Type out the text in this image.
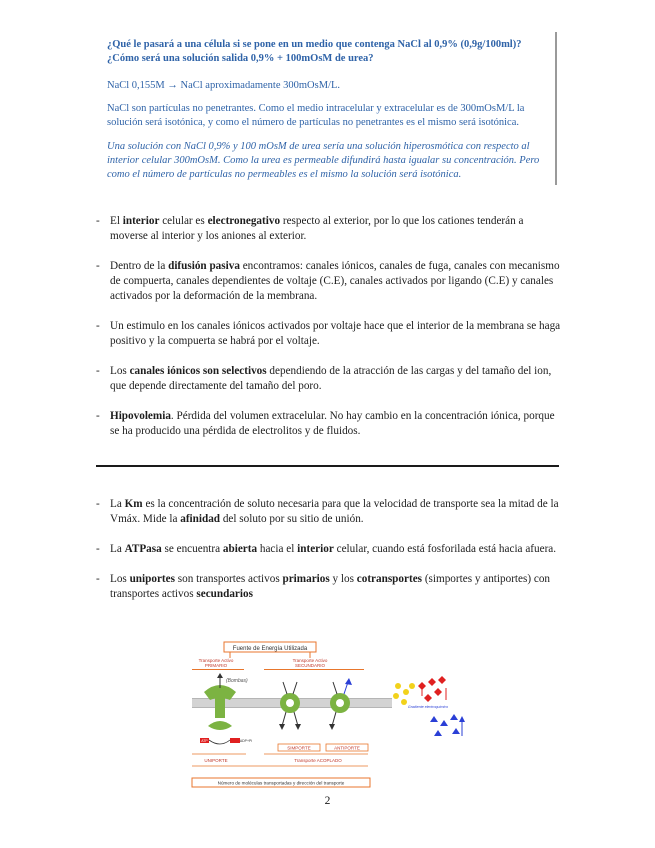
¿Qué le pasará a una célula si se pone en un medio que contenga NaCl al 0,9% (0,9g/100ml)? ¿Cómo será una solución salida 0,9% + 100mOsM de urea?

NaCl 0,155M → NaCl aproximadamente 300mOsM/L.

NaCl son partículas no penetrantes. Como el medio intracelular y extracelular es de 300mOsM/L la solución será isotónica, y como el número de partículas no penetrantes es el mismo será isotónica.

Una solución con NaCl 0,9% y 100 mOsM de urea sería una solución hiperosmótica con respecto al interior celular 300mOsM. Como la urea es permeable difundirá hasta igualar su concentración. Pero como el número de partículas no permeables es el mismo la solución será isotónica.

- El interior celular es electronegativo respecto al exterior, por lo que los cationes tenderán a moverse al interior y los aniones al exterior.
- Dentro de la difusión pasiva encontramos: canales iónicos, canales de fuga, canales con mecanismo de compuerta, canales dependientes de voltaje (C.E), canales activados por ligando (C.E) y canales activados por la deformación de la membrana.
- Un estimulo en los canales iónicos activados por voltaje hace que el interior de la membrana se haga positivo y la compuerta se habrá por el voltaje.
- Los canales iónicos son selectivos dependiendo de la atracción de las cargas y del tamaño del ion, que depende directamente del tamaño del poro.
- Hipovolemia. Pérdida del volumen extracelular. No hay cambio en la concentración iónica, porque se ha producido una pérdida de electrolitos y de fluidos.
- La Km es la concentración de soluto necesaria para que la velocidad de transporte sea la mitad de la Vmáx. Mide la afinidad del soluto por su sitio de unión.
- La ATPasa se encuentra abierta hacia el interior celular, cuando está fosforilada está hacia afuera.
- Los uniportes son transportes activos primarios y los cotransportes (simportes y antiportes) con transportes activos secundarios
Fuente de Energía Utilizada
Transporte Activo
PRIMARIO
Transporte Activo
SECUNDARIO
(Bombas)
ATP	ADP+Pi
Gradiente electroquímico
SIMPORTE	ANTIPORTE
UNIPORTE	Transporte ACOPLADO
Número de moléculas transportadas y dirección del transporte
2
